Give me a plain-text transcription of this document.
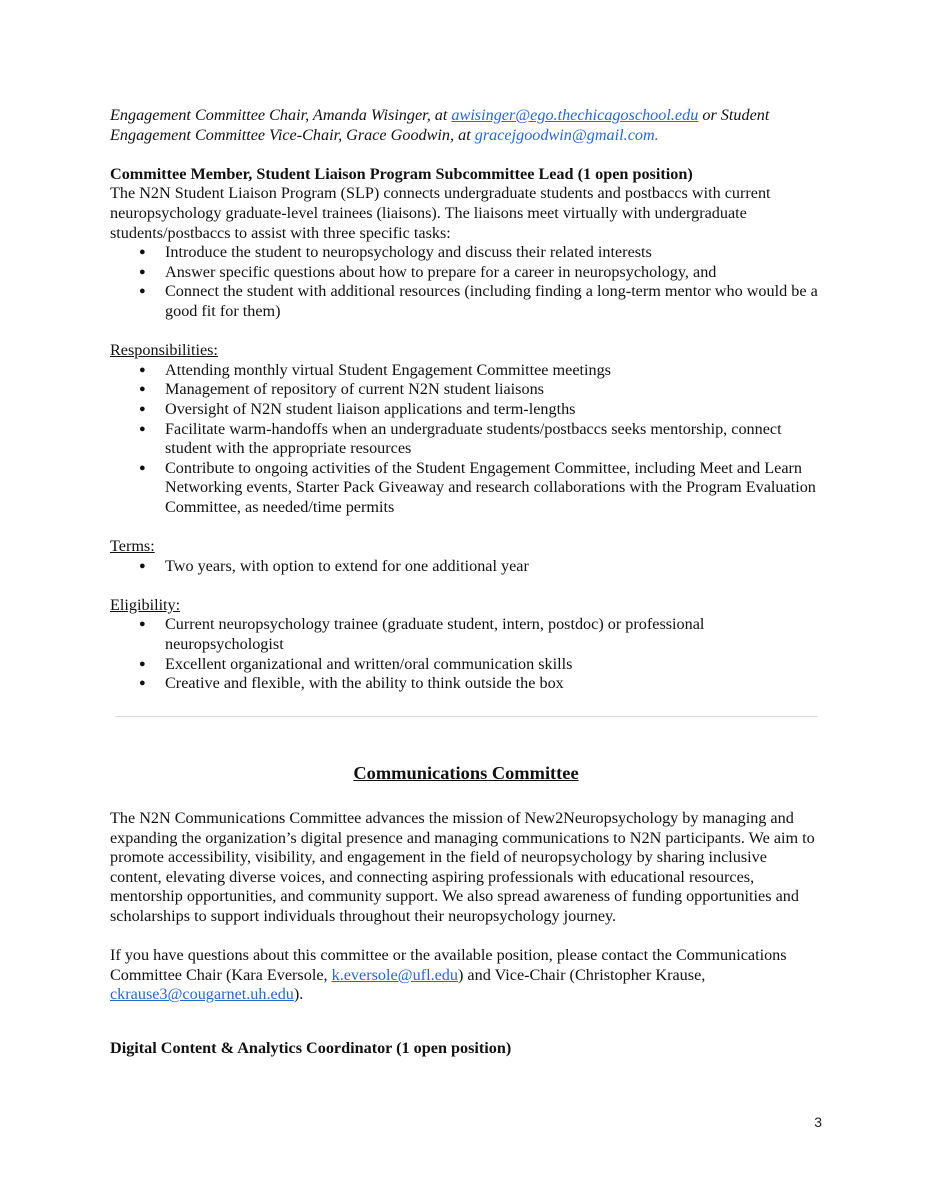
Engagement Committee Chair, Amanda Wisinger, at awisinger@ego.thechicagoschool.edu or Student Engagement Committee Vice-Chair, Grace Goodwin, at gracejgoodwin@gmail.com.

Committee Member, Student Liaison Program Subcommittee Lead (1 open position)

The N2N Student Liaison Program (SLP) connects undergraduate students and postbaccs with current neuropsychology graduate-level trainees (liaisons). The liaisons meet virtually with undergraduate students/postbaccs to assist with three specific tasks:

● Introduce the student to neuropsychology and discuss their related interests
● Answer specific questions about how to prepare for a career in neuropsychology, and
● Connect the student with additional resources (including finding a long-term mentor who would be a good fit for them)

Responsibilities:

● Attending monthly virtual Student Engagement Committee meetings
● Management of repository of current N2N student liaisons
● Oversight of N2N student liaison applications and term-lengths
● Facilitate warm-handoffs when an undergraduate students/postbaccs seeks mentorship, connect student with the appropriate resources
● Contribute to ongoing activities of the Student Engagement Committee, including Meet and Learn Networking events, Starter Pack Giveaway and research collaborations with the Program Evaluation Committee, as needed/time permits

Terms:

● Two years, with option to extend for one additional year

Eligibility:

● Current neuropsychology trainee (graduate student, intern, postdoc) or professional neuropsychologist
● Excellent organizational and written/oral communication skills
● Creative and flexible, with the ability to think outside the box
Communications Committee

The N2N Communications Committee advances the mission of New2Neuropsychology by managing and expanding the organization’s digital presence and managing communications to N2N participants. We aim to promote accessibility, visibility, and engagement in the field of neuropsychology by sharing inclusive content, elevating diverse voices, and connecting aspiring professionals with educational resources, mentorship opportunities, and community support. We also spread awareness of funding opportunities and scholarships to support individuals throughout their neuropsychology journey.

If you have questions about this committee or the available position, please contact the Communications Committee Chair (Kara Eversole, k.eversole@ufl.edu) and Vice-Chair (Christopher Krause, ckrause3@cougarnet.uh.edu).

Digital Content & Analytics Coordinator (1 open position)
3
